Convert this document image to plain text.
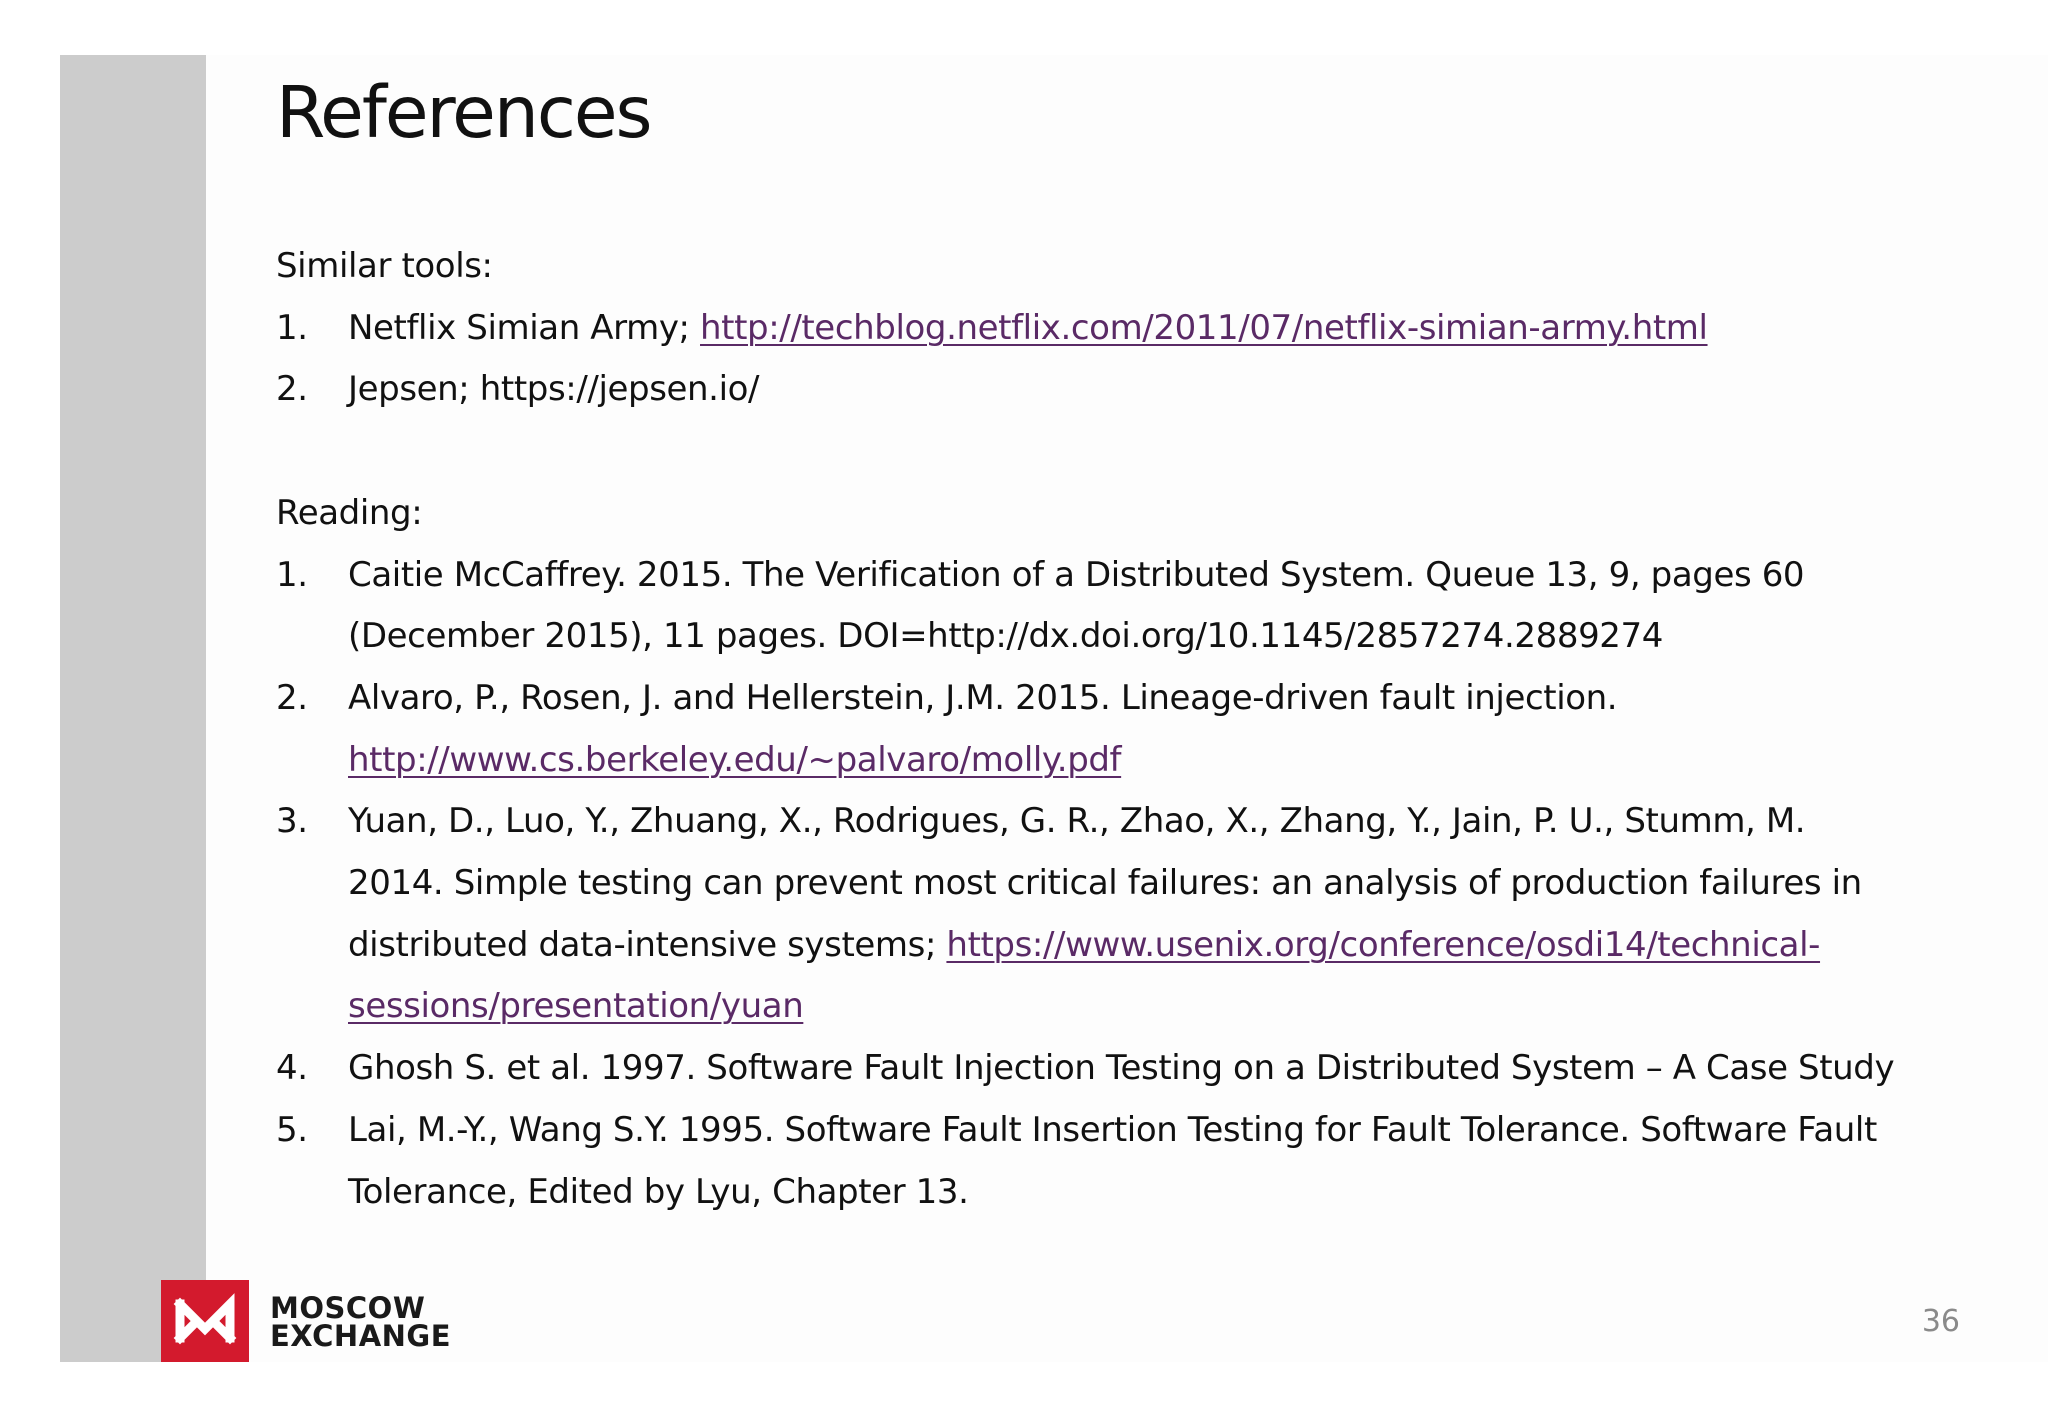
References

Similar tools:

1.	Netflix Simian Army; http://techblog.netflix.com/2011/07/netflix-simian-army.html
2.	Jepsen; https://jepsen.io/

Reading:

1.	Caitie McCaffrey. 2015. The Verification of a Distributed System. Queue 13, 9, pages 60 (December 2015), 11 pages. DOI=http://dx.doi.org/10.1145/2857274.2889274
2.	Alvaro, P., Rosen, J. and Hellerstein, J.M. 2015. Lineage-driven fault injection.
http://www.cs.berkeley.edu/~palvaro/molly.pdf
3.	Yuan, D., Luo, Y., Zhuang, X., Rodrigues, G. R., Zhao, X., Zhang, Y., Jain, P. U., Stumm, M. 2014. Simple testing can prevent most critical failures: an analysis of production failures in distributed data-intensive systems; https://www.usenix.org/conference/osdi14/technical-sessions/presentation/yuan
4.	Ghosh S. et al. 1997. Software Fault Injection Testing on a Distributed System – A Case Study
5.	Lai, M.-Y., Wang S.Y. 1995. Software Fault Insertion Testing for Fault Tolerance. Software Fault Tolerance, Edited by Lyu, Chapter 13.
MOSCOW
EXCHANGE	36
